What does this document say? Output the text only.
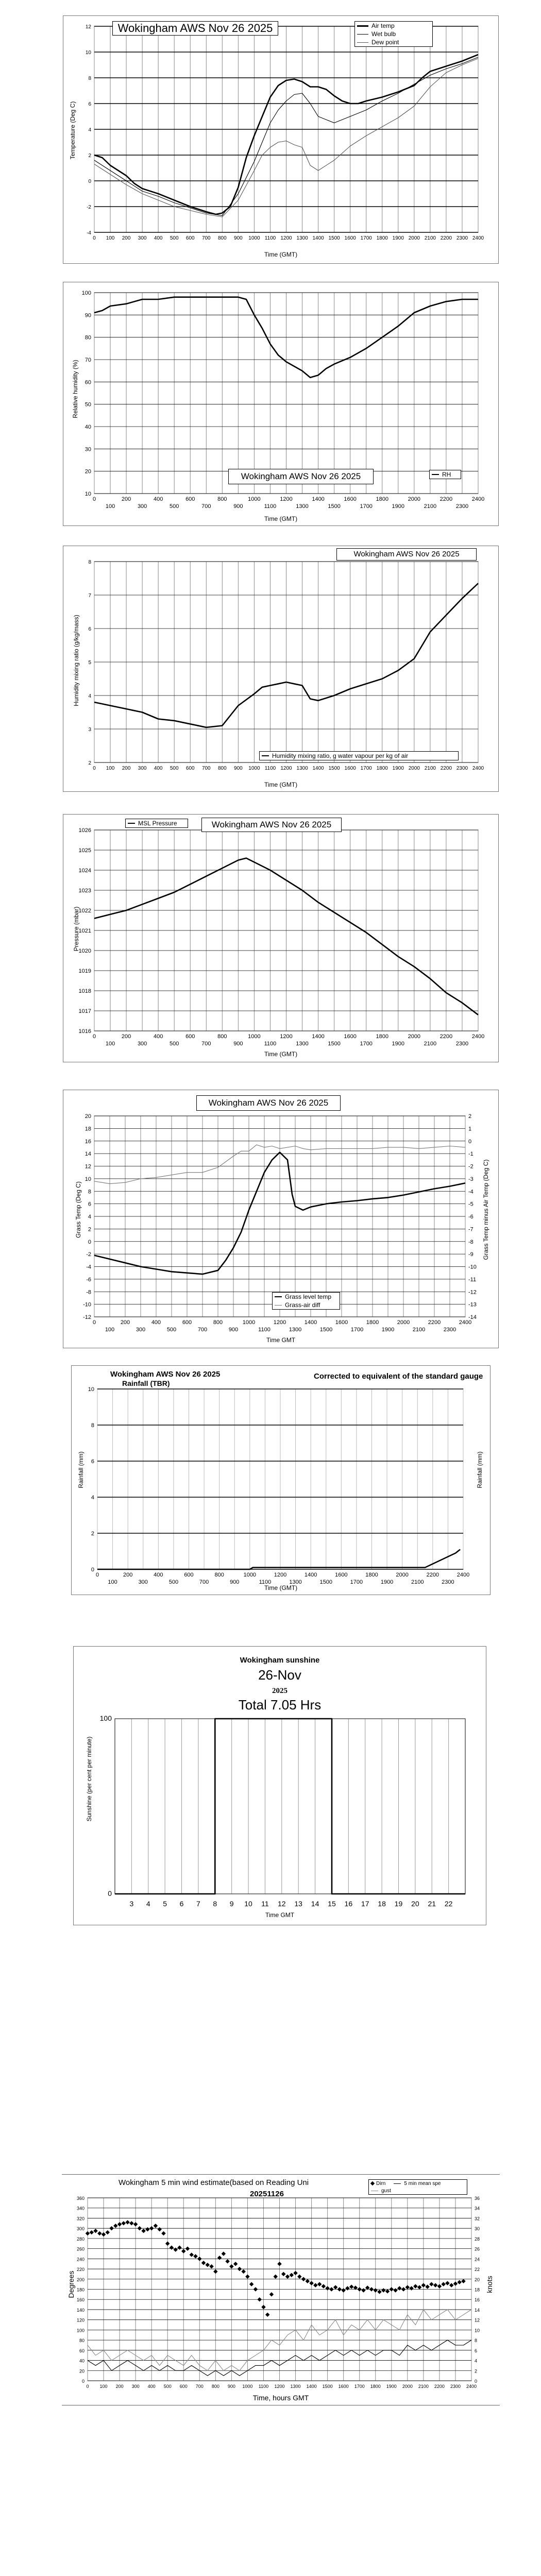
-4
-2
0
2
4
6
8
10
12
0 100 200 300 400 500 600 700 800 900 1000 1100 1200 1300 1400 1500 1600 1700 1800 1900 2000 2100 2200 2300 2400
Wokingham AWS Nov 26 2025	Air temp
Wet bulb
Dew point
Temperature (Deg C)
Time (GMT)
10
20
30
40
50
60
70
80
90
100
0	200	400	600	800	1000	1200	1400	1600	1800	2000	2200	2400
100	300	500	700	900	1100	1300	1500	1700	1900	2100	2300
Wokingham AWS Nov 26 2025	RH
Relative humidity (%)
Time (GMT)
2
3
4
5
6
7
8
0 100 200 300 400 500 600 700 800 900 1000 1100 1200 1300 1400 1500 1600 1700 1800 1900 2000 2100 2200 2300 2400
Wokingham AWS Nov 26 2025
Humidity mixing ratio, g water vapour per kg of air
Humidity mixing ratio (g/kg/mass)
Time (GMT)
1016
1017
1018
1019
1020
1021
1022
1023
1024
1025
1026
0	200	400	600	800	1000	1200	1400	1600	1800	2000	2200	2400
100	300	500	700	900	1100	1300	1500	1700	1900	2100	2300
MSL Pressure	Wokingham AWS Nov 26 2025
Pressure (mbar)
Time (GMT)
-12
-10
-8
-6
-4
-2
0
2
4
6
8
10
12
14
16
18
20
-14
-13
-12
-11
-10
-9
-8
-7
-6
-5
-4
-3
-2
-1
0
1
2
0	200	400	600	800	1000	1200	1400	1600	1800	2000	2200	2400
100	300	500	700	900	1100	1300	1500	1700	1900	2100	2300
Wokingham AWS Nov 26 2025
Grass level temp
Grass-air diff
Grass Temp (Deg C)	Grass Temp minus Air Temp (Deg C)
Time GMT
0
2
4
6
8
10
0	200	400	600	800	1000	1200	1400	1600	1800	2000	2200	2400
100	300	500	700	900	1100	1300	1500	1700	1900	2100	2300
Wokingham AWS Nov 26 2025
Rainfall (TBR)
Corrected to equivalent of the standard gauge
Rainfall (mm)	Rainfall (mm)
Time (GMT)
0
100
3 4 5 6 7 8 9 10 11 12 13 14 15 16 17 18 19 20 21 22
Wokingham sunshine
26-Nov
2025
Total 7.05 Hrs
Sunshine (per cent per minute)
Time GMT
0
20
40
60
80
100
120
140
160
180
200
220
240
260
280
300
320
340
360
0
2
4
6
8
10
12
14
16
18
20
22
24
26
28
30
32
34
36
0 100 200 300 400 500 600 700 800 900 1000 1100 1200 1300 1400 1500 1600 1700 1800 1900 2000 2100 2200 2300 2400
Wokingham 5 min wind estimate(based on Reading Uni
20251126
Dirn	5 min mean spe
gust
Degrees	knots
Time, hours GMT
